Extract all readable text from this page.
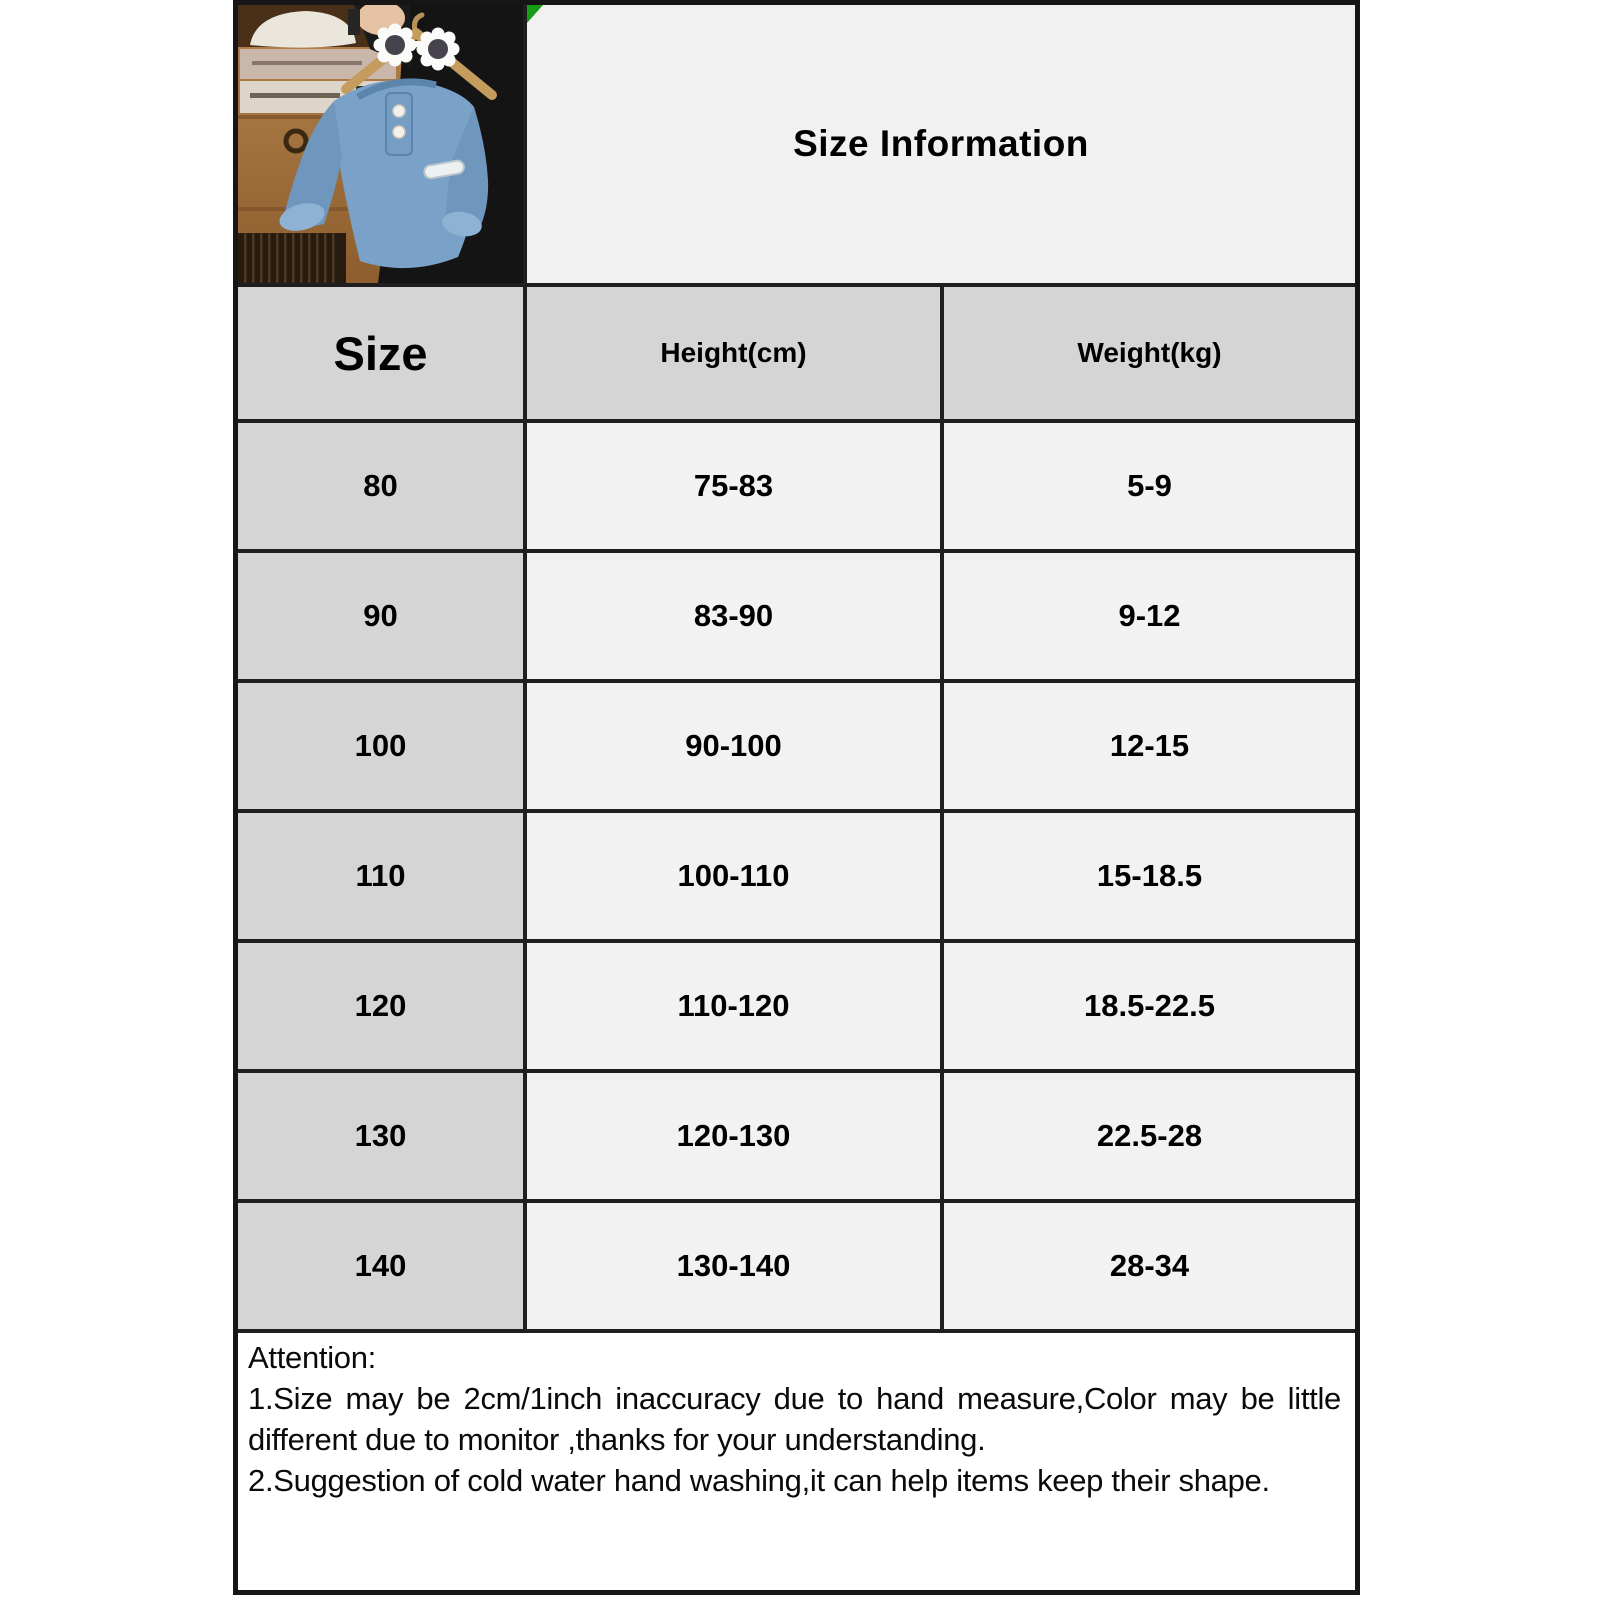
Size Information
Size	Height(cm)	Weight(kg)
80	75-83	5-9
90	83-90	9-12
100	90-100	12-15
110	100-110	15-18.5
120	110-120	18.5-22.5
130	120-130	22.5-28
140	130-140	28-34

Attention:

1.Size may be 2cm/1inch inaccuracy due to hand measure,Color may be little different due to monitor ,thanks for your understanding.

2.Suggestion of cold water hand washing,it can help items keep their shape.
